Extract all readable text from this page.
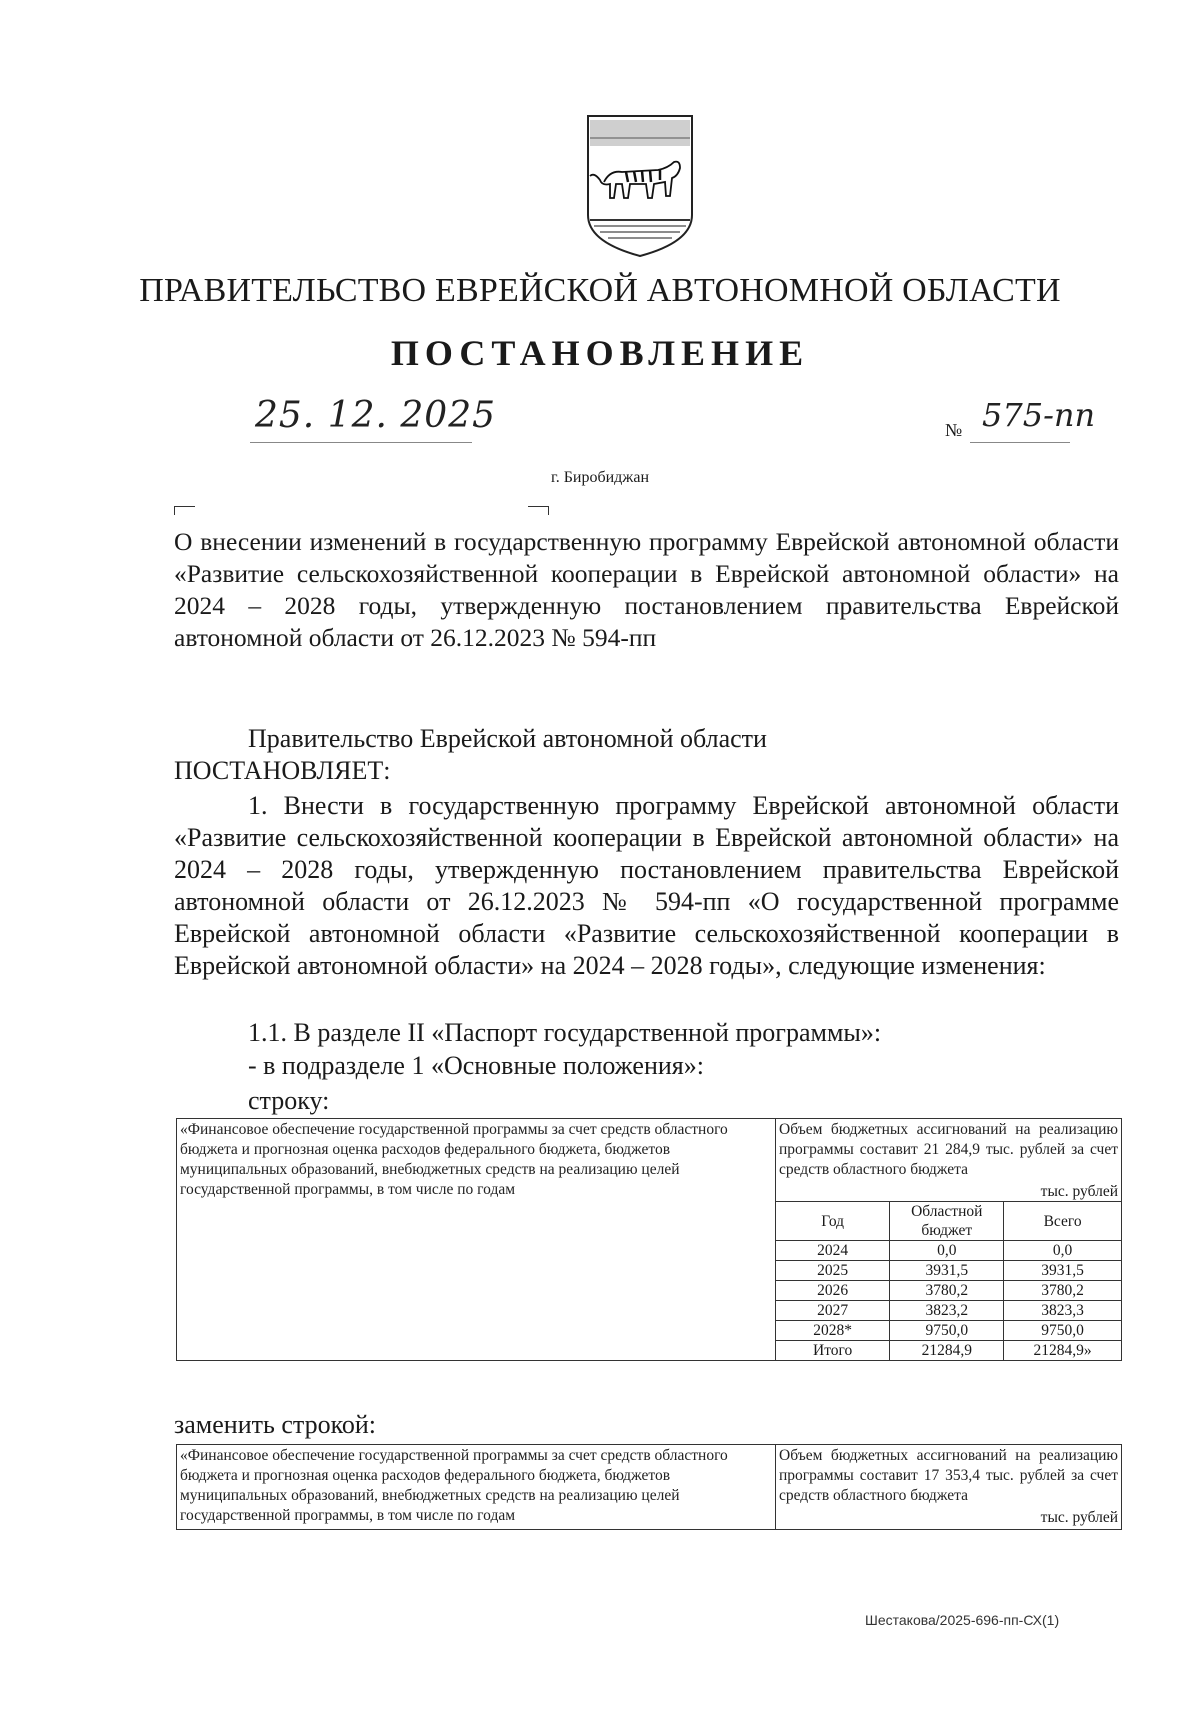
ПРАВИТЕЛЬСТВО ЕВРЕЙСКОЙ АВТОНОМНОЙ ОБЛАСТИ
ПОСТАНОВЛЕНИЕ
25. 12. 2025	№ 575-пп
г. Биробиджан
О внесении изменений в государственную программу Еврейской автономной области «Развитие сельскохозяйственной кооперации в Еврейской автономной области» на 2024 – 2028 годы, утвержденную постановлением правительства Еврейской автономной области от 26.12.2023 № 594-пп
Правительство Еврейской автономной области
ПОСТАНОВЛЯЕТ:
1. Внести в государственную программу Еврейской автономной области «Развитие сельскохозяйственной кооперации в Еврейской автономной области» на 2024 – 2028 годы, утвержденную постановлением правительства Еврейской автономной области от 26.12.2023 № 594-пп «О государственной программе Еврейской автономной области «Развитие сельскохозяйственной кооперации в Еврейской автономной области» на 2024 – 2028 годы», следующие изменения:
1.1. В разделе II «Паспорт государственной программы»:
- в подразделе 1 «Основные положения»:
строку:
«Финансовое обеспечение государственной программы за счет средств областного бюджета и прогнозная оценка расходов федерального бюджета, бюджетов муниципальных образований, внебюджетных средств на реализацию целей государственной программы, в том числе по годам

Объем бюджетных ассигнований на реализацию программы составит 21 284,9 тыс. рублей за счет средств областного бюджета
тыс. рублей
Год	Областной бюджет	Всего
2024	0,0	0,0
2025	3931,5	3931,5
2026	3780,2	3780,2
2027	3823,2	3823,3
2028*	9750,0	9750,0
Итого	21284,9	21284,9»
заменить строкой:
«Финансовое обеспечение государственной программы за счет средств областного бюджета и прогнозная оценка расходов федерального бюджета, бюджетов муниципальных образований, внебюджетных средств на реализацию целей государственной программы, в том числе по годам

Объем бюджетных ассигнований на реализацию программы составит 17 353,4 тыс. рублей за счет средств областного бюджета
тыс. рублей
Шестакова/2025-696-пп-СХ(1)
